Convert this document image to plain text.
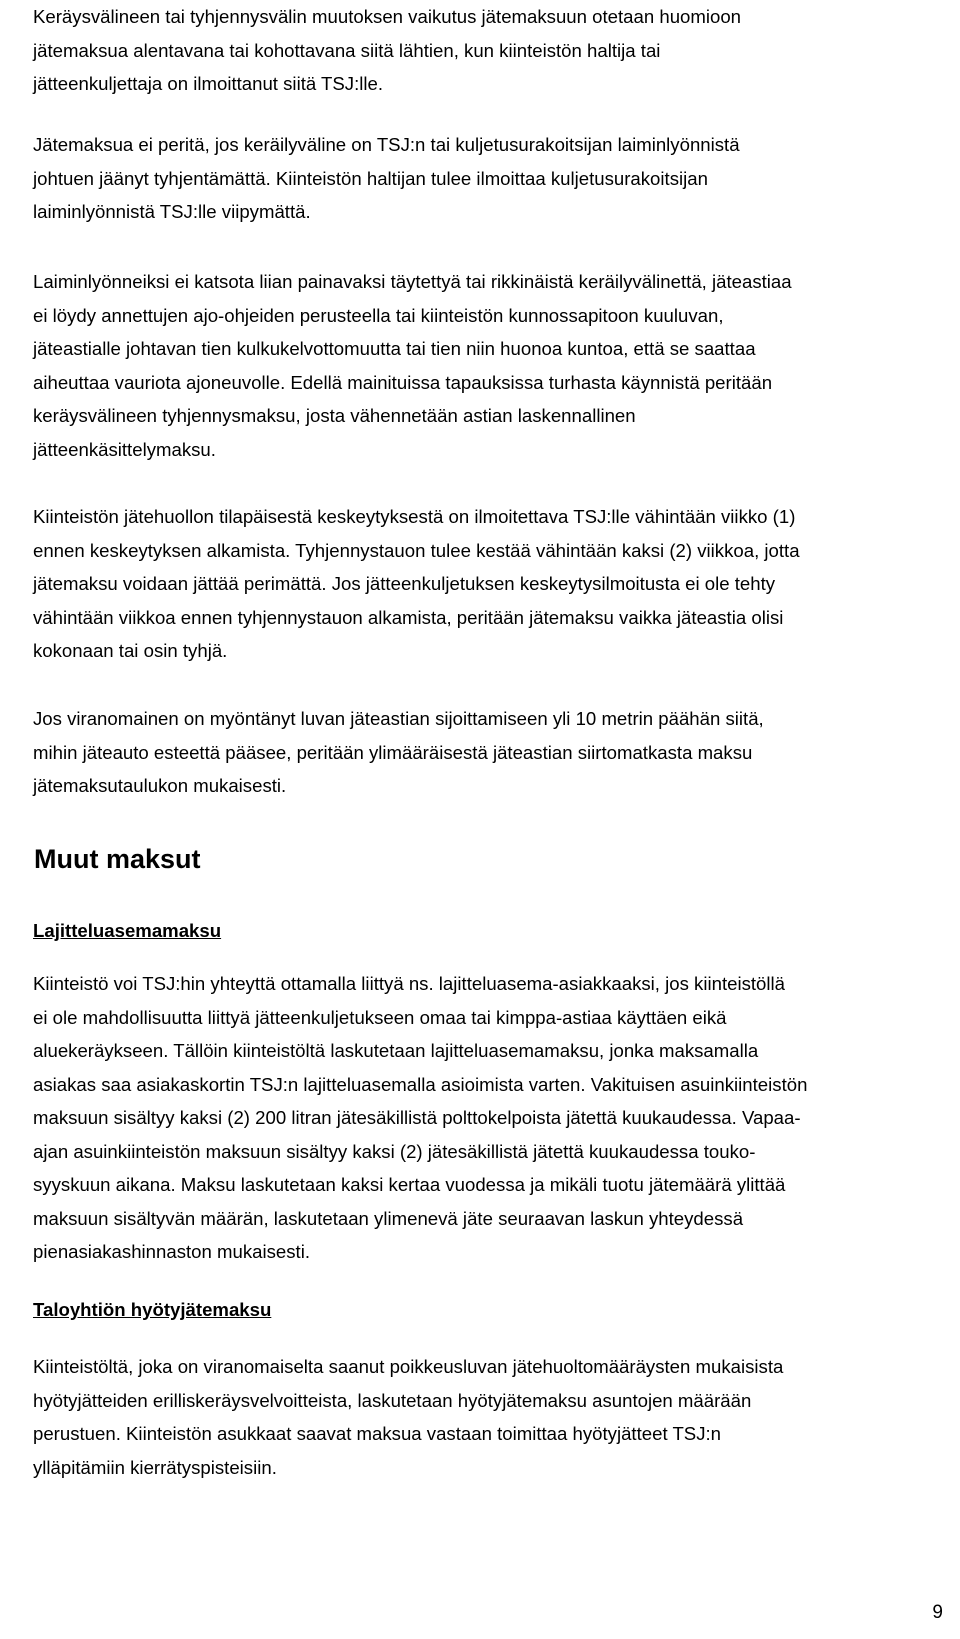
Keräysvälineen tai tyhjennysvälin muutoksen vaikutus jätemaksuun otetaan huomioon
jätemaksua alentavana tai kohottavana siitä lähtien, kun kiinteistön haltija tai
jätteenkuljettaja on ilmoittanut siitä TSJ:lle.

Jätemaksua ei peritä, jos keräilyväline on TSJ:n tai kuljetusurakoitsijan laiminlyönnistä
johtuen jäänyt tyhjentämättä. Kiinteistön haltijan tulee ilmoittaa kuljetusurakoitsijan
laiminlyönnistä TSJ:lle viipymättä.

Laiminlyönneiksi ei katsota liian painavaksi täytettyä tai rikkinäistä keräilyvälinettä, jäteastiaa
ei löydy annettujen ajo-ohjeiden perusteella tai kiinteistön kunnossapitoon kuuluvan,
jäteastialle johtavan tien kulkukelvottomuutta tai tien niin huonoa kuntoa, että se saattaa
aiheuttaa vauriota ajoneuvolle. Edellä mainituissa tapauksissa turhasta käynnistä peritään
keräysvälineen tyhjennysmaksu, josta vähennetään astian laskennallinen
jätteenkäsittelymaksu.

Kiinteistön jätehuollon tilapäisestä keskeytyksestä on ilmoitettava TSJ:lle vähintään viikko (1)
ennen keskeytyksen alkamista. Tyhjennystauon tulee kestää vähintään kaksi (2) viikkoa, jotta
jätemaksu voidaan jättää perimättä. Jos jätteenkuljetuksen keskeytysilmoitusta ei ole tehty
vähintään viikkoa ennen tyhjennystauon alkamista, peritään jätemaksu vaikka jäteastia olisi
kokonaan tai osin tyhjä.

Jos viranomainen on myöntänyt luvan jäteastian sijoittamiseen yli 10 metrin päähän siitä,
mihin jäteauto esteettä pääsee, peritään ylimääräisestä jäteastian siirtomatkasta maksu
jätemaksutaulukon mukaisesti.

Muut maksut
Lajitteluasemamaksu

Kiinteistö voi TSJ:hin yhteyttä ottamalla liittyä ns. lajitteluasema-asiakkaaksi, jos kiinteistöllä
ei ole mahdollisuutta liittyä jätteenkuljetukseen omaa tai kimppa-astiaa käyttäen eikä
aluekeräykseen. Tällöin kiinteistöltä laskutetaan lajitteluasemamaksu, jonka maksamalla
asiakas saa asiakaskortin TSJ:n lajitteluasemalla asioimista varten. Vakituisen asuinkiinteistön
maksuun sisältyy kaksi (2) 200 litran jätesäkillistä polttokelpoista jätettä kuukaudessa. Vapaa-
ajan asuinkiinteistön maksuun sisältyy kaksi (2) jätesäkillistä jätettä kuukaudessa touko-
syyskuun aikana. Maksu laskutetaan kaksi kertaa vuodessa ja mikäli tuotu jätemäärä ylittää
maksuun sisältyvän määrän, laskutetaan ylimenevä jäte seuraavan laskun yhteydessä
pienasiakashinnaston mukaisesti.

Taloyhtiön hyötyjätemaksu

Kiinteistöltä, joka on viranomaiselta saanut poikkeusluvan jätehuoltomääräysten mukaisista
hyötyjätteiden erilliskeräysvelvoitteista, laskutetaan hyötyjätemaksu asuntojen määrään
perustuen. Kiinteistön asukkaat saavat maksua vastaan toimittaa hyötyjätteet TSJ:n
ylläpitämiin kierrätyspisteisiin.

9
